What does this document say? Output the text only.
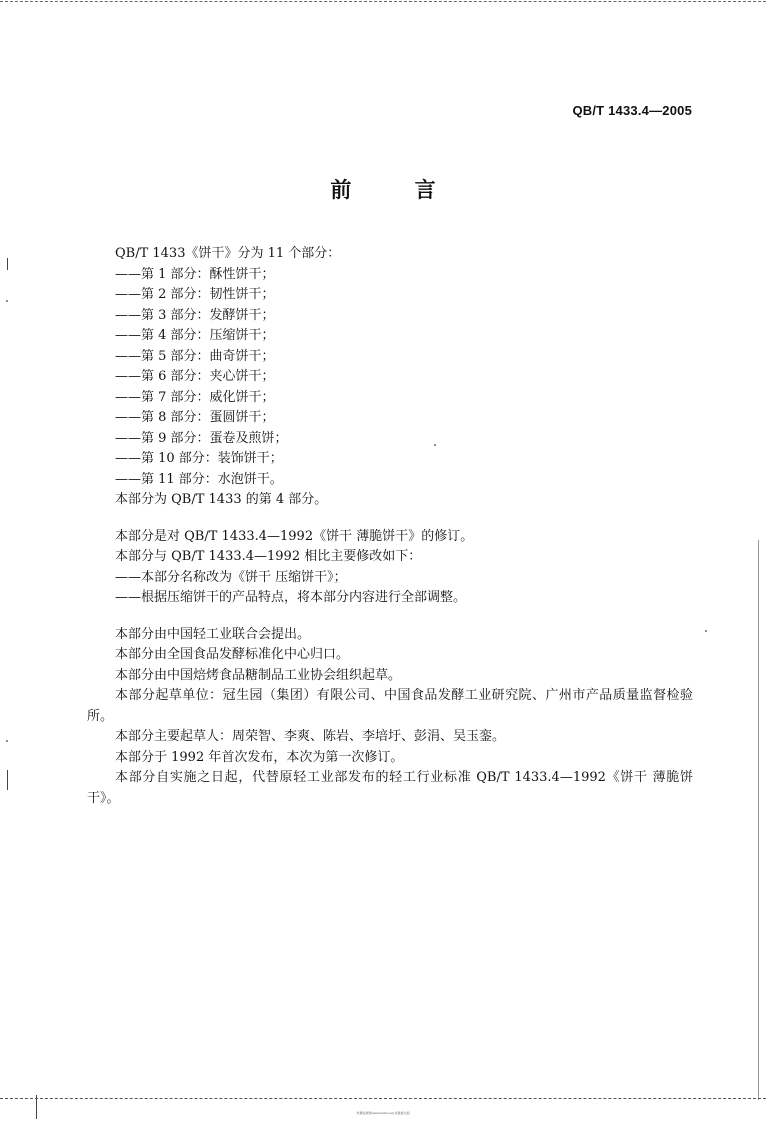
QB/T 1433.4—2005
前 言
QB/T 1433《饼干》分为 11 个部分：
——第 1 部分：酥性饼干；
——第 2 部分：韧性饼干；
——第 3 部分：发酵饼干；
——第 4 部分：压缩饼干；
——第 5 部分：曲奇饼干；
——第 6 部分：夹心饼干；
——第 7 部分：威化饼干；
——第 8 部分：蛋圆饼干；
——第 9 部分：蛋卷及煎饼；
——第 10 部分：装饰饼干；
——第 11 部分：水泡饼干。
本部分为 QB/T 1433 的第 4 部分。
本部分是对 QB/T 1433.4—1992《饼干 薄脆饼干》的修订。
本部分与 QB/T 1433.4—1992 相比主要修改如下：
——本部分名称改为《饼干 压缩饼干》；
——根据压缩饼干的产品特点，将本部分内容进行全部调整。
本部分由中国轻工业联合会提出。
本部分由全国食品发酵标准化中心归口。
本部分由中国焙烤食品糖制品工业协会组织起草。
本部分起草单位：冠生园（集团）有限公司、中国食品发酵工业研究院、广州市产品质量监督检验所。
本部分主要起草人：周荣智、李爽、陈岩、李培圩、彭涓、吴玉銮。
本部分于 1992 年首次发布，本次为第一次修订。
本部分自实施之日起，代替原轻工业部发布的轻工行业标准 QB/T 1433.4—1992《饼干 薄脆饼干》。
免费标准网(www.freebz.net) 标准最全面
